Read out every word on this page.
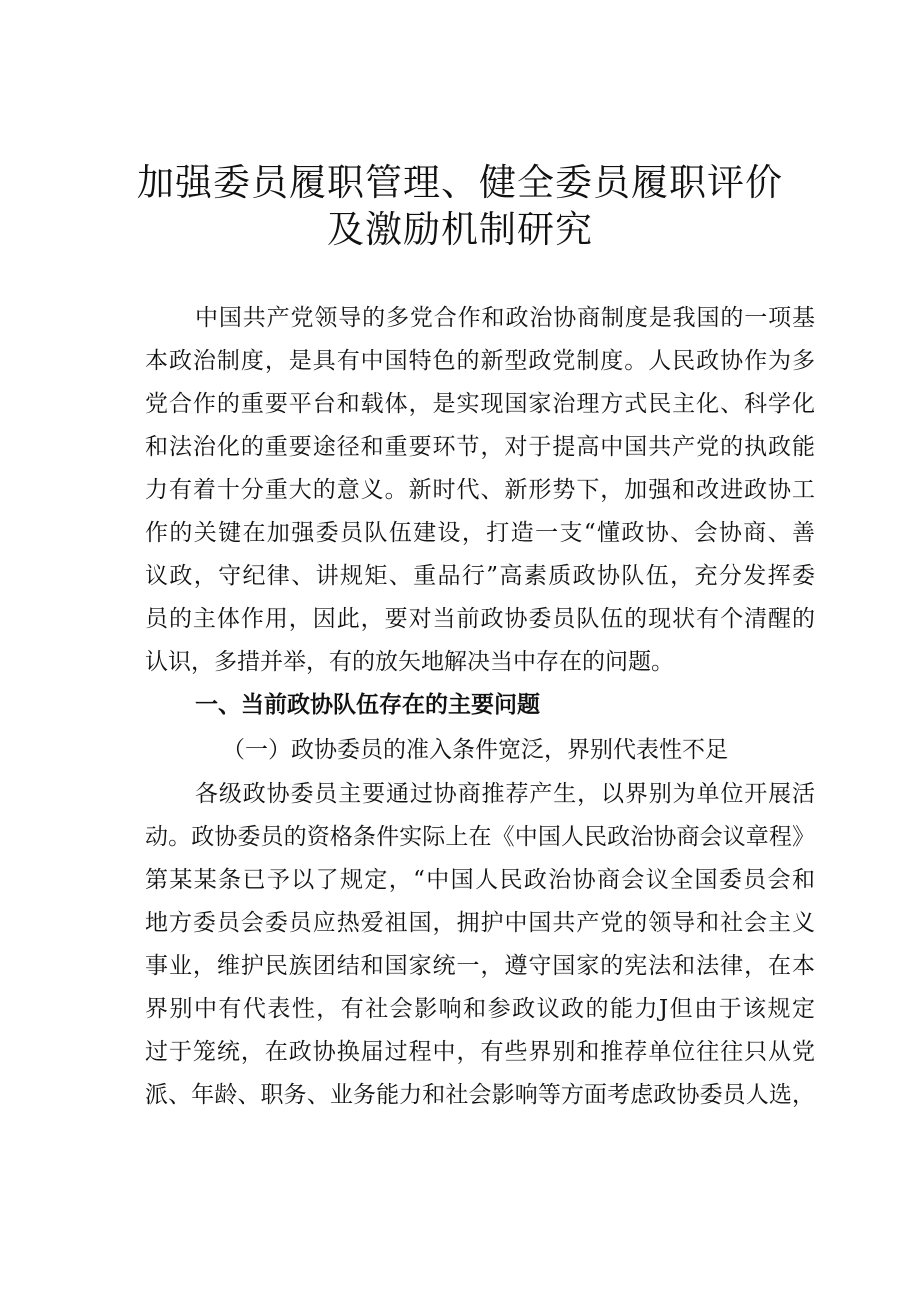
加强委员履职管理、健全委员履职评价
及激励机制研究
中国共产党领导的多党合作和政治协商制度是我国的一项基
本政治制度，是具有中国特色的新型政党制度。人民政协作为多
党合作的重要平台和载体，是实现国家治理方式民主化、科学化
和法治化的重要途径和重要环节，对于提高中国共产党的执政能
力有着十分重大的意义。新时代、新形势下，加强和改进政协工
作的关键在加强委员队伍建设，打造一支“懂政协、会协商、善
议政，守纪律、讲规矩、重品行”高素质政协队伍，充分发挥委
员的主体作用，因此，要对当前政协委员队伍的现状有个清醒的
认识，多措并举，有的放矢地解决当中存在的问题。
一、当前政协队伍存在的主要问题
（一）政协委员的准入条件宽泛，界别代表性不足
各级政协委员主要通过协商推荐产生，以界别为单位开展活
动。政协委员的资格条件实际上在《中国人民政治协商会议章程》
第某某条已予以了规定，“中国人民政治协商会议全国委员会和
地方委员会委员应热爱祖国，拥护中国共产党的领导和社会主义
事业，维护民族团结和国家统一，遵守国家的宪法和法律，在本
界别中有代表性，有社会影响和参政议政的能力J但由于该规定
过于笼统，在政协换届过程中，有些界别和推荐单位往往只从党
派、年龄、职务、业务能力和社会影响等方面考虑政协委员人选，
